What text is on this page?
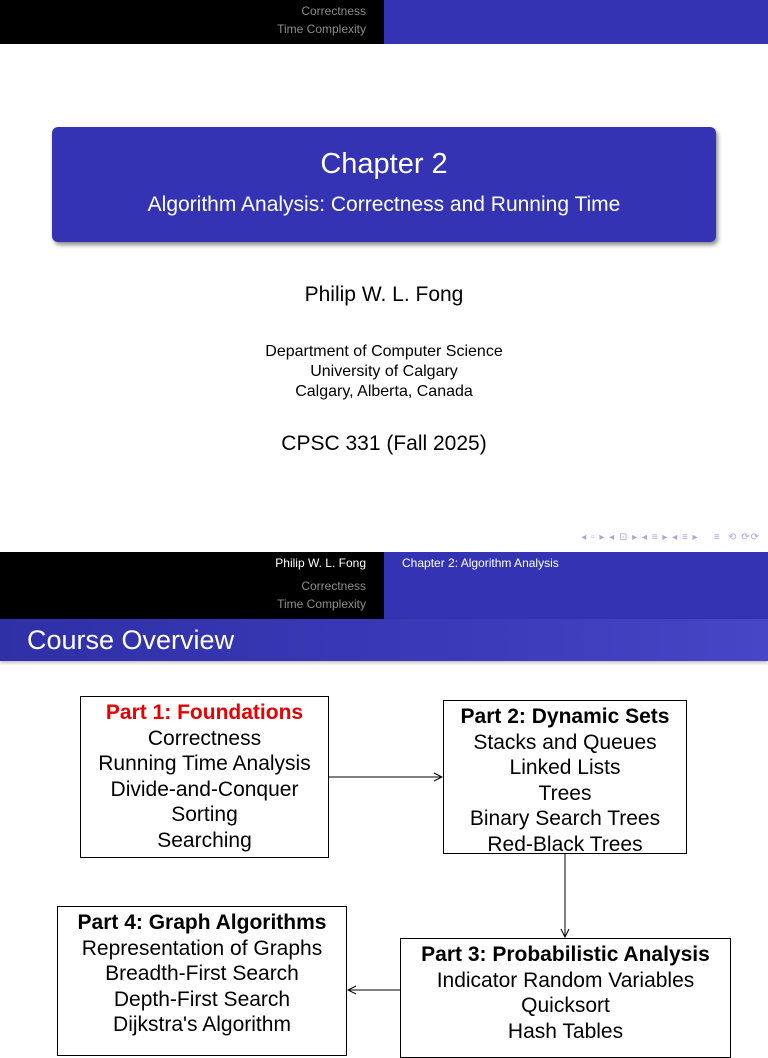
Correctness
Time Complexity
Chapter 2
Algorithm Analysis: Correctness and Running Time
Philip W. L. Fong
Department of Computer Science
University of Calgary
Calgary, Alberta, Canada
CPSC 331 (Fall 2025)
◂ ▫ ▸ ◂ ⊡ ▸ ◂ ≡ ▸ ◂ ≡ ▸    ≡  ⟲ ⟳⟳
Philip W. L. Fong
Correctness
Time Complexity
Chapter 2: Algorithm Analysis
Course Overview
Part 1: Foundations
Correctness
Running Time Analysis
Divide-and-Conquer
Sorting
Searching
Part 2: Dynamic Sets
Stacks and Queues
Linked Lists
Trees
Binary Search Trees
Red-Black Trees
Part 3: Probabilistic Analysis
Indicator Random Variables
Quicksort
Hash Tables
Part 4: Graph Algorithms
Representation of Graphs
Breadth-First Search
Depth-First Search
Dijkstra's Algorithm
